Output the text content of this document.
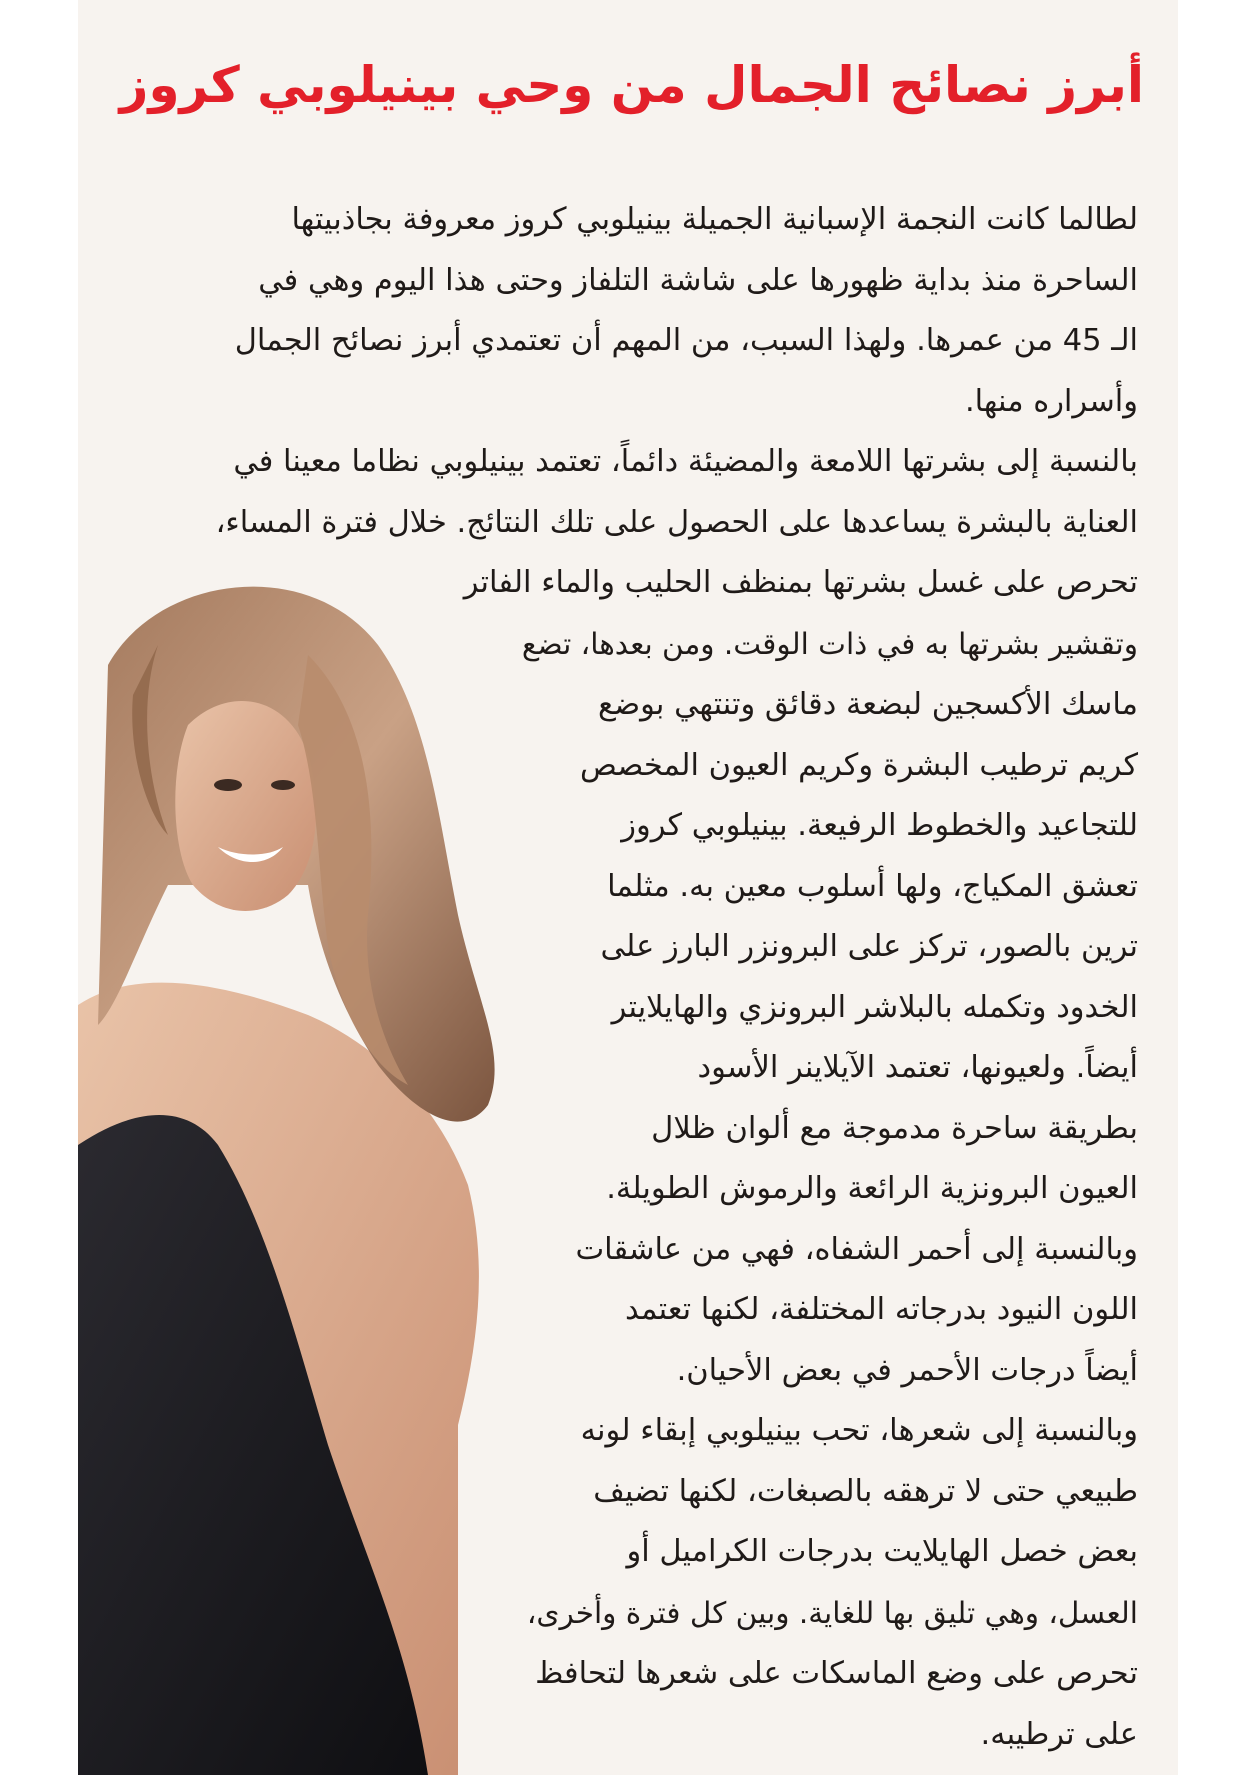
أبرز نصائح الجمال من وحي بينيلوبي كروز
لطالما كانت النجمة الإسبانية الجميلة بينيلوبي كروز معروفة بجاذبيتها
الساحرة منذ بداية ظهورها على شاشة التلفاز وحتى هذا اليوم وهي في
الـ 45 من عمرها. ولهذا السبب، من المهم أن تعتمدي أبرز نصائح الجمال
وأسراره منها.
بالنسبة إلى بشرتها اللامعة والمضيئة دائماً، تعتمد بينيلوبي نظاما معينا في
العناية بالبشرة يساعدها على الحصول على تلك النتائج. خلال فترة المساء،
تحرص على غسل بشرتها بمنظف الحليب والماء الفاتر
وتقشير بشرتها به في ذات الوقت. ومن بعدها، تضع
ماسك الأكسجين لبضعة دقائق وتنتهي بوضع
كريم ترطيب البشرة وكريم العيون المخصص
للتجاعيد والخطوط الرفيعة. بينيلوبي كروز
تعشق المكياج، ولها أسلوب معين به. مثلما
ترين بالصور، تركز على البرونزر البارز على
الخدود وتكمله بالبلاشر البرونزي والهايلايتر
أيضاً. ولعيونها، تعتمد الآيلاينر الأسود
بطريقة ساحرة مدموجة مع ألوان ظلال
العيون البرونزية الرائعة والرموش الطويلة.
وبالنسبة إلى أحمر الشفاه، فهي من عاشقات
اللون النيود بدرجاته المختلفة، لكنها تعتمد
أيضاً درجات الأحمر في بعض الأحيان.
وبالنسبة إلى شعرها، تحب بينيلوبي إبقاء لونه
طبيعي حتى لا ترهقه بالصبغات، لكنها تضيف
بعض خصل الهايلايت بدرجات الكراميل أو
العسل، وهي تليق بها للغاية. وبين كل فترة وأخرى،
تحرص على وضع الماسكات على شعرها لتحافظ
على ترطيبه.
